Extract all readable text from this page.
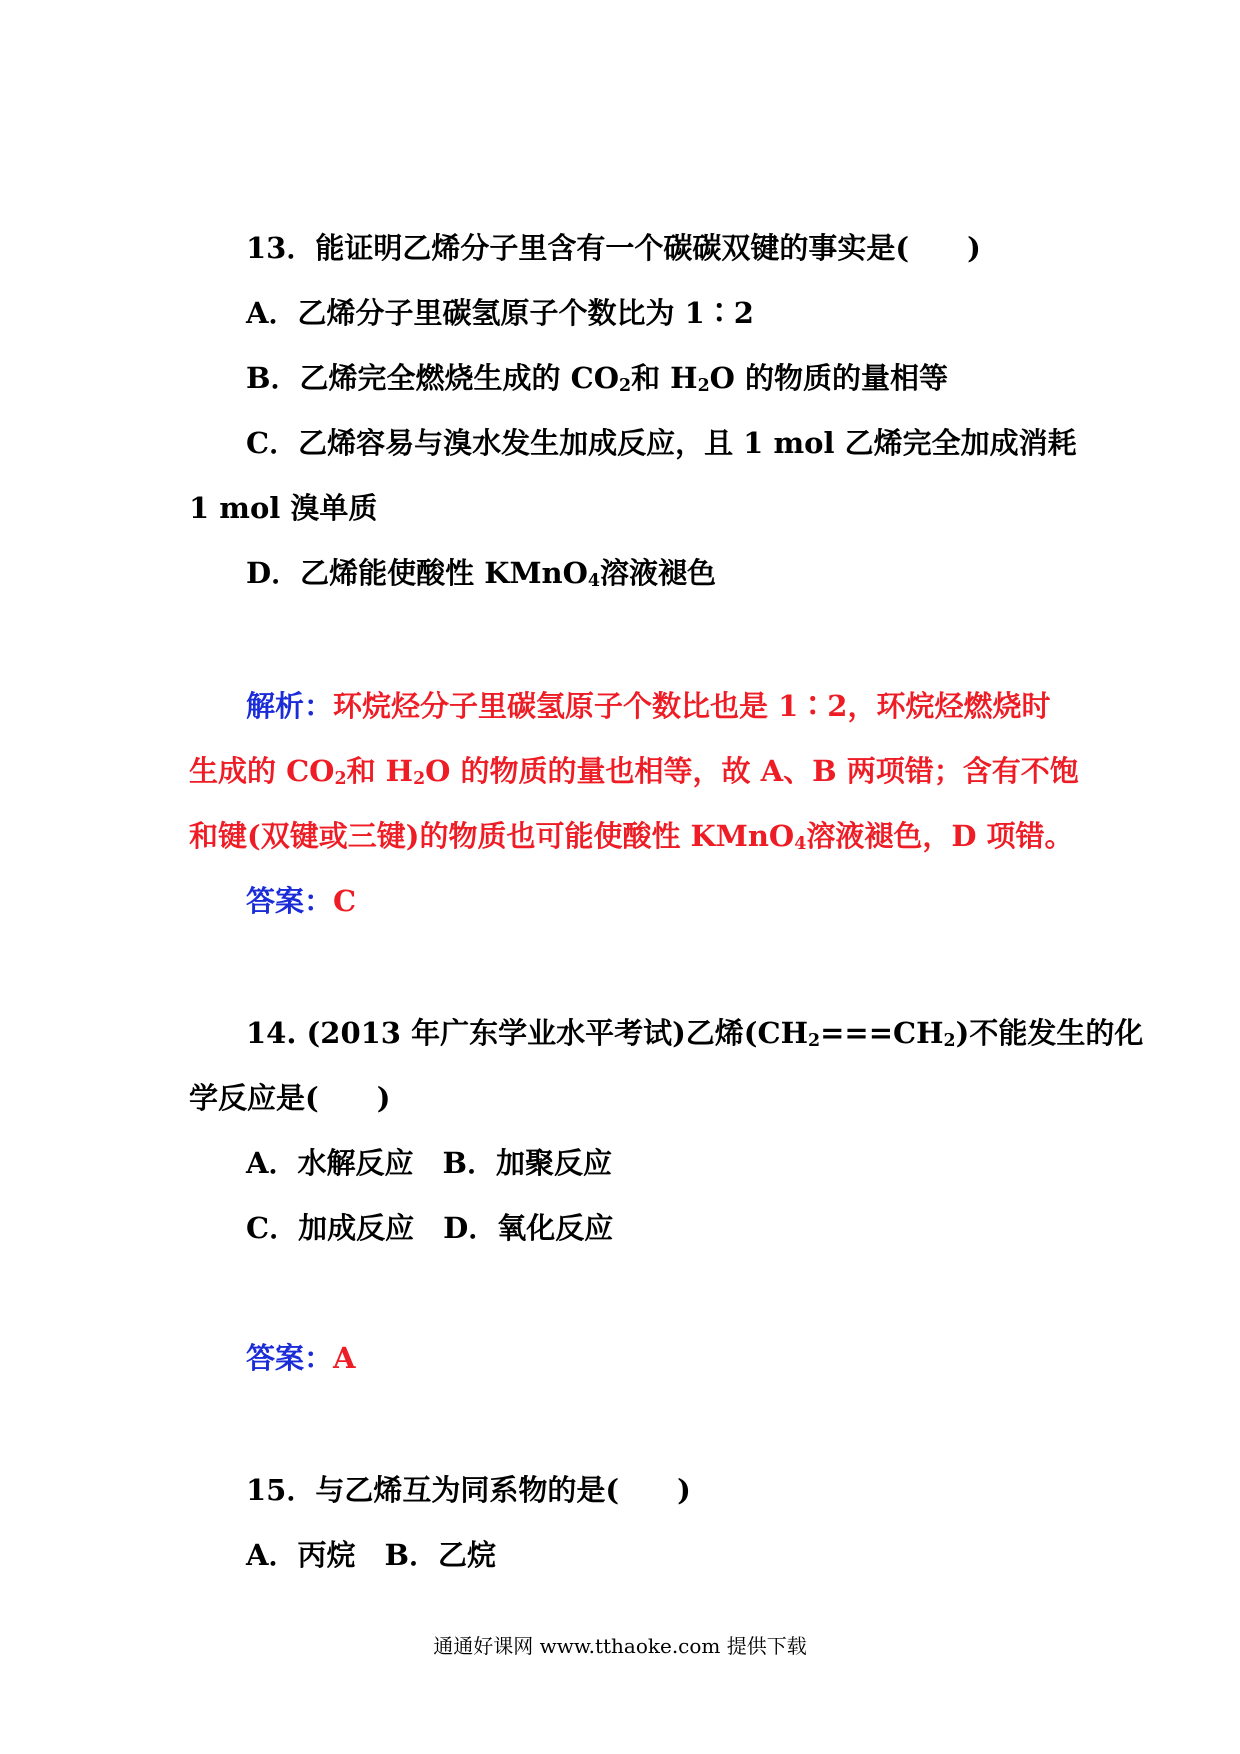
13．能证明乙烯分子里含有一个碳碳双键的事实是(　　)
A．乙烯分子里碳氢原子个数比为 1∶2
B．乙烯完全燃烧生成的 $CO_2$和 $H_2O$ 的物质的量相等
C．乙烯容易与溴水发生加成反应，且 1 mol 乙烯完全加成消耗
1 mol 溴单质
D．乙烯能使酸性 KMnO$_4$溶液褪色
解析：环烷烃分子里碳氢原子个数比也是 1∶2，环烷烃燃烧时
生成的 $CO_2$和 $H_2O$ 的物质的量也相等，故 A、B 两项错；含有不饱
和键(双键或三键)的物质也可能使酸性 KMnO$_4$溶液褪色，D 项错。
答案：C
14. (2013 年广东学业水平考试)乙烯$(CH_2===CH_2)$不能发生的化
学反应是(　　)
A．水解反应　B．加聚反应
C．加成反应　D．氧化反应
答案：A
15．与乙烯互为同系物的是(　　)
A．丙烷　B．乙烷
通通好课网 www.tthaoke.com 提供下载
